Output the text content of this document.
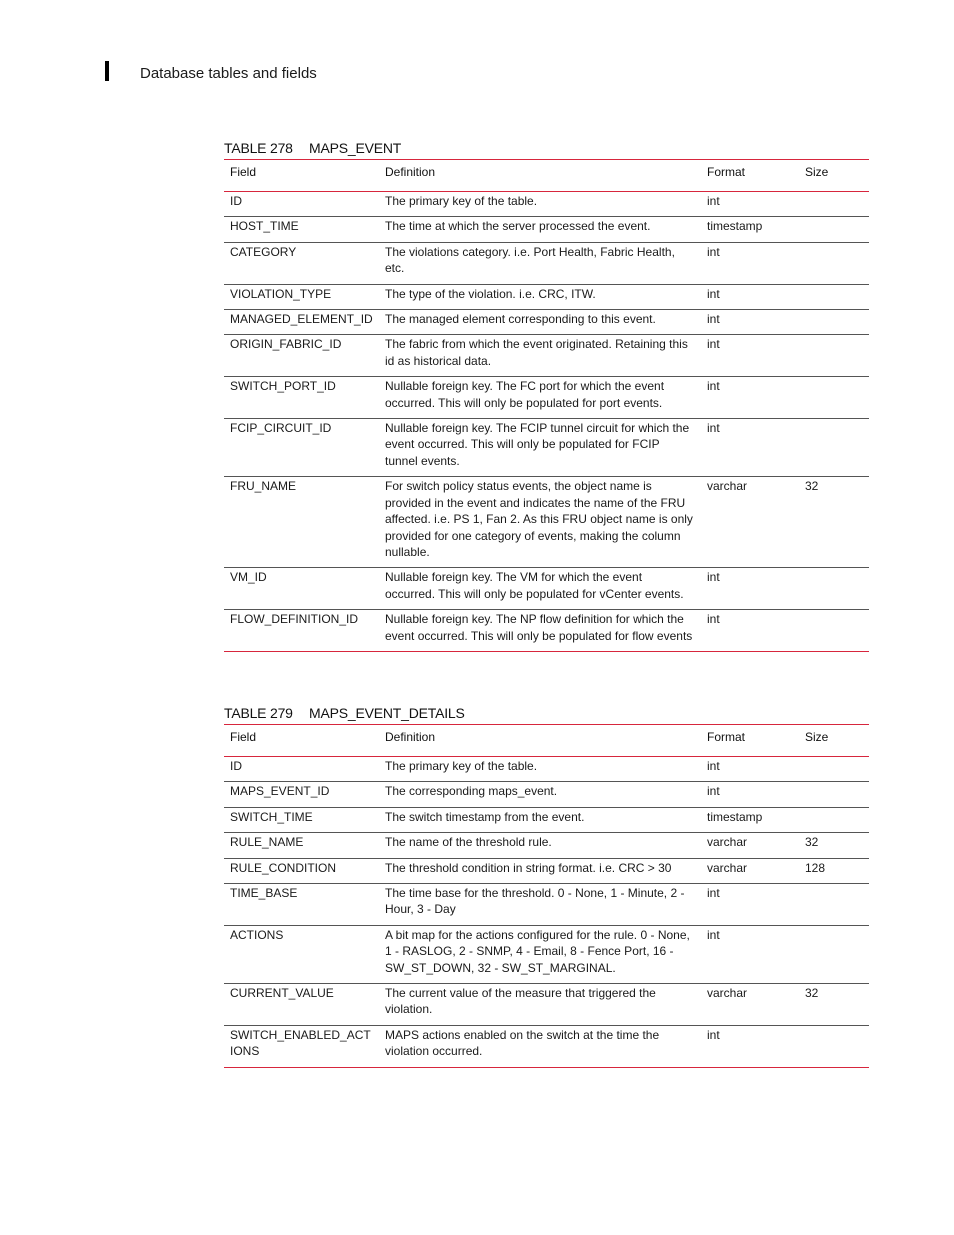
Database tables and fields
TABLE 278 MAPS_EVENT
Field	Definition	Format	Size
ID	The primary key of the table.	int	
HOST_TIME	The time at which the server processed the event.	timestamp	
CATEGORY	The violations category. i.e. Port Health, Fabric Health, etc.	int	
VIOLATION_TYPE	The type of the violation. i.e. CRC, ITW.	int	
MANAGED_ELEMENT_ID	The managed element corresponding to this event.	int	
ORIGIN_FABRIC_ID	The fabric from which the event originated. Retaining this id as historical data.	int	
SWITCH_PORT_ID	Nullable foreign key. The FC port for which the event occurred. This will only be populated for port events.	int	
FCIP_CIRCUIT_ID	Nullable foreign key. The FCIP tunnel circuit for which the event occurred. This will only be populated for FCIP tunnel events.	int	
FRU_NAME	For switch policy status events, the object name is provided in the event and indicates the name of the FRU affected. i.e. PS 1, Fan 2. As this FRU object name is only provided for one category of events, making the column nullable.	varchar	32
VM_ID	Nullable foreign key. The VM for which the event occurred. This will only be populated for vCenter events.	int	
FLOW_DEFINITION_ID	Nullable foreign key. The NP flow definition for which the event occurred. This will only be populated for flow events	int	
TABLE 279 MAPS_EVENT_DETAILS
Field	Definition	Format	Size
ID	The primary key of the table.	int	
MAPS_EVENT_ID	The corresponding maps_event.	int	
SWITCH_TIME	The switch timestamp from the event.	timestamp	
RULE_NAME	The name of the threshold rule.	varchar	32
RULE_CONDITION	The threshold condition in string format. i.e. CRC > 30	varchar	128
TIME_BASE	The time base for the threshold. 0 - None, 1 - Minute, 2 - Hour, 3 - Day	int	
ACTIONS	A bit map for the actions configured for the rule. 0 - None, 1 - RASLOG, 2 - SNMP, 4 - Email, 8 - Fence Port, 16 - SW_ST_DOWN, 32 - SW_ST_MARGINAL.	int	
CURRENT_VALUE	The current value of the measure that triggered the violation.	varchar	32
SWITCH_ENABLED_ACTIONS	MAPS actions enabled on the switch at the time the violation occurred.	int	
